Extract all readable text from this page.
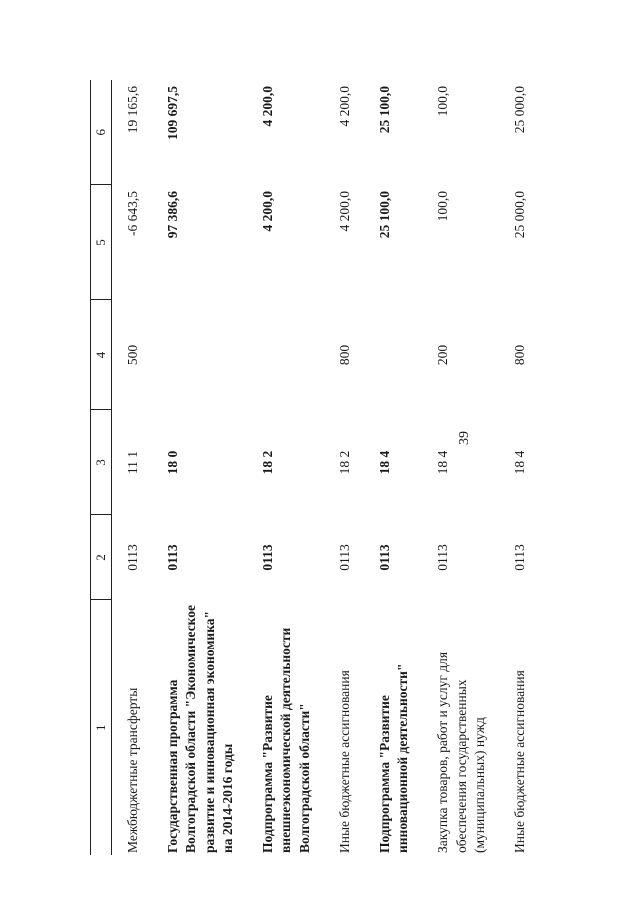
39
1	2	3	4	5	6
Межбюджетные трансферты	0113	11 1	500	-6 643,5	19 165,6
Государственная программа Волгоградской области "Экономическое развитие и инновационная экономика" на 2014-2016 годы	0113	18 0		97 386,6	109 697,5
Подпрограмма "Развитие внешнеэкономической деятельности Волгоградской области"	0113	18 2		4 200,0	4 200,0
Иные бюджетные ассигнования	0113	18 2	800	4 200,0	4 200,0
Подпрограмма "Развитие инновационной деятельности"	0113	18 4		25 100,0	25 100,0
Закупка товаров, работ и услуг для обеспечения государственных (муниципальных) нужд	0113	18 4	200	100,0	100,0
Иные бюджетные ассигнования	0113	18 4	800	25 000,0	25 000,0
